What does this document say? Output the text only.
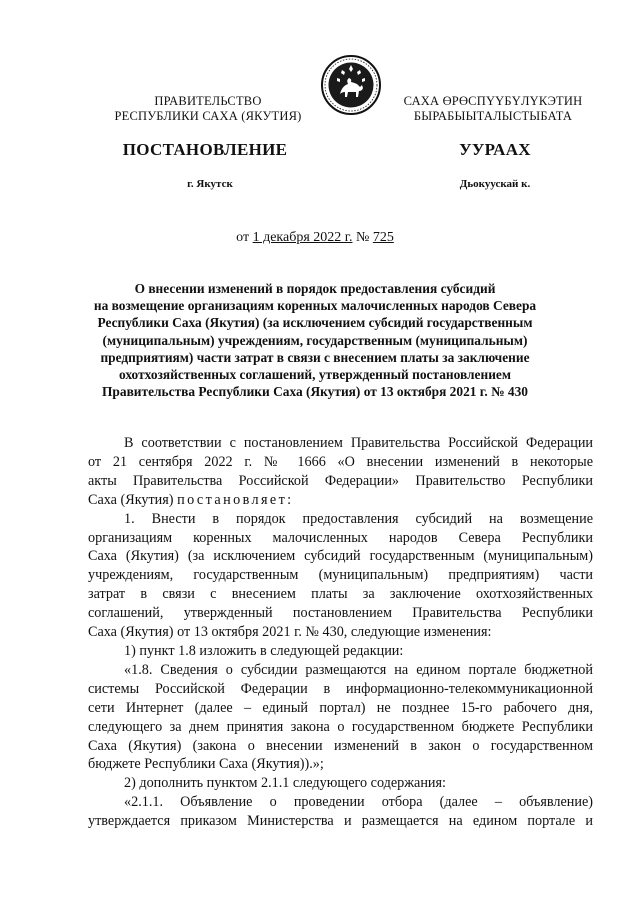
ПРАВИТЕЛЬСТВО
РЕСПУБЛИКИ САХА (ЯКУТИЯ)
САХА ӨРӨСПҮҮБҮЛҮКЭТИН
БЫРАБЫЫТАЛЫСТЫБАТА
ПОСТАНОВЛЕНИЕ	УУРААХ
г. Якутск	Дьокуускай к.
от 1 декабря 2022 г. № 725
О внесении изменений в порядок предоставления субсидий
на возмещение организациям коренных малочисленных народов Севера
Республики Саха (Якутия) (за исключением субсидий государственным
(муниципальным) учреждениям, государственным (муниципальным)
предприятиям) части затрат в связи с внесением платы за заключение
охотхозяйственных соглашений, утвержденный постановлением
Правительства Республики Саха (Якутия) от 13 октября 2021 г. № 430

В соответствии с постановлением Правительства Российской Федерации

от 21 сентября 2022 г. № 1666 «О внесении изменений в некоторые

акты Правительства Российской Федерации» Правительство Республики

Саха (Якутия) постановляет:

1. Внести в порядок предоставления субсидий на возмещение

организациям коренных малочисленных народов Севера Республики

Саха (Якутия) (за исключением субсидий государственным (муниципальным)

учреждениям, государственным (муниципальным) предприятиям) части

затрат в связи с внесением платы за заключение охотхозяйственных

соглашений, утвержденный постановлением Правительства Республики

Саха (Якутия) от 13 октября 2021 г. № 430, следующие изменения:

1) пункт 1.8 изложить в следующей редакции:

«1.8. Сведения о субсидии размещаются на едином портале бюджетной

системы Российской Федерации в информационно-телекоммуникационной

сети Интернет (далее – единый портал) не позднее 15-го рабочего дня,

следующего за днем принятия закона о государственном бюджете Республики

Саха (Якутия) (закона о внесении изменений в закон о государственном

бюджете Республики Саха (Якутия)).»;

2) дополнить пунктом 2.1.1 следующего содержания:

«2.1.1. Объявление о проведении отбора (далее – объявление)

утверждается приказом Министерства и размещается на едином портале и
